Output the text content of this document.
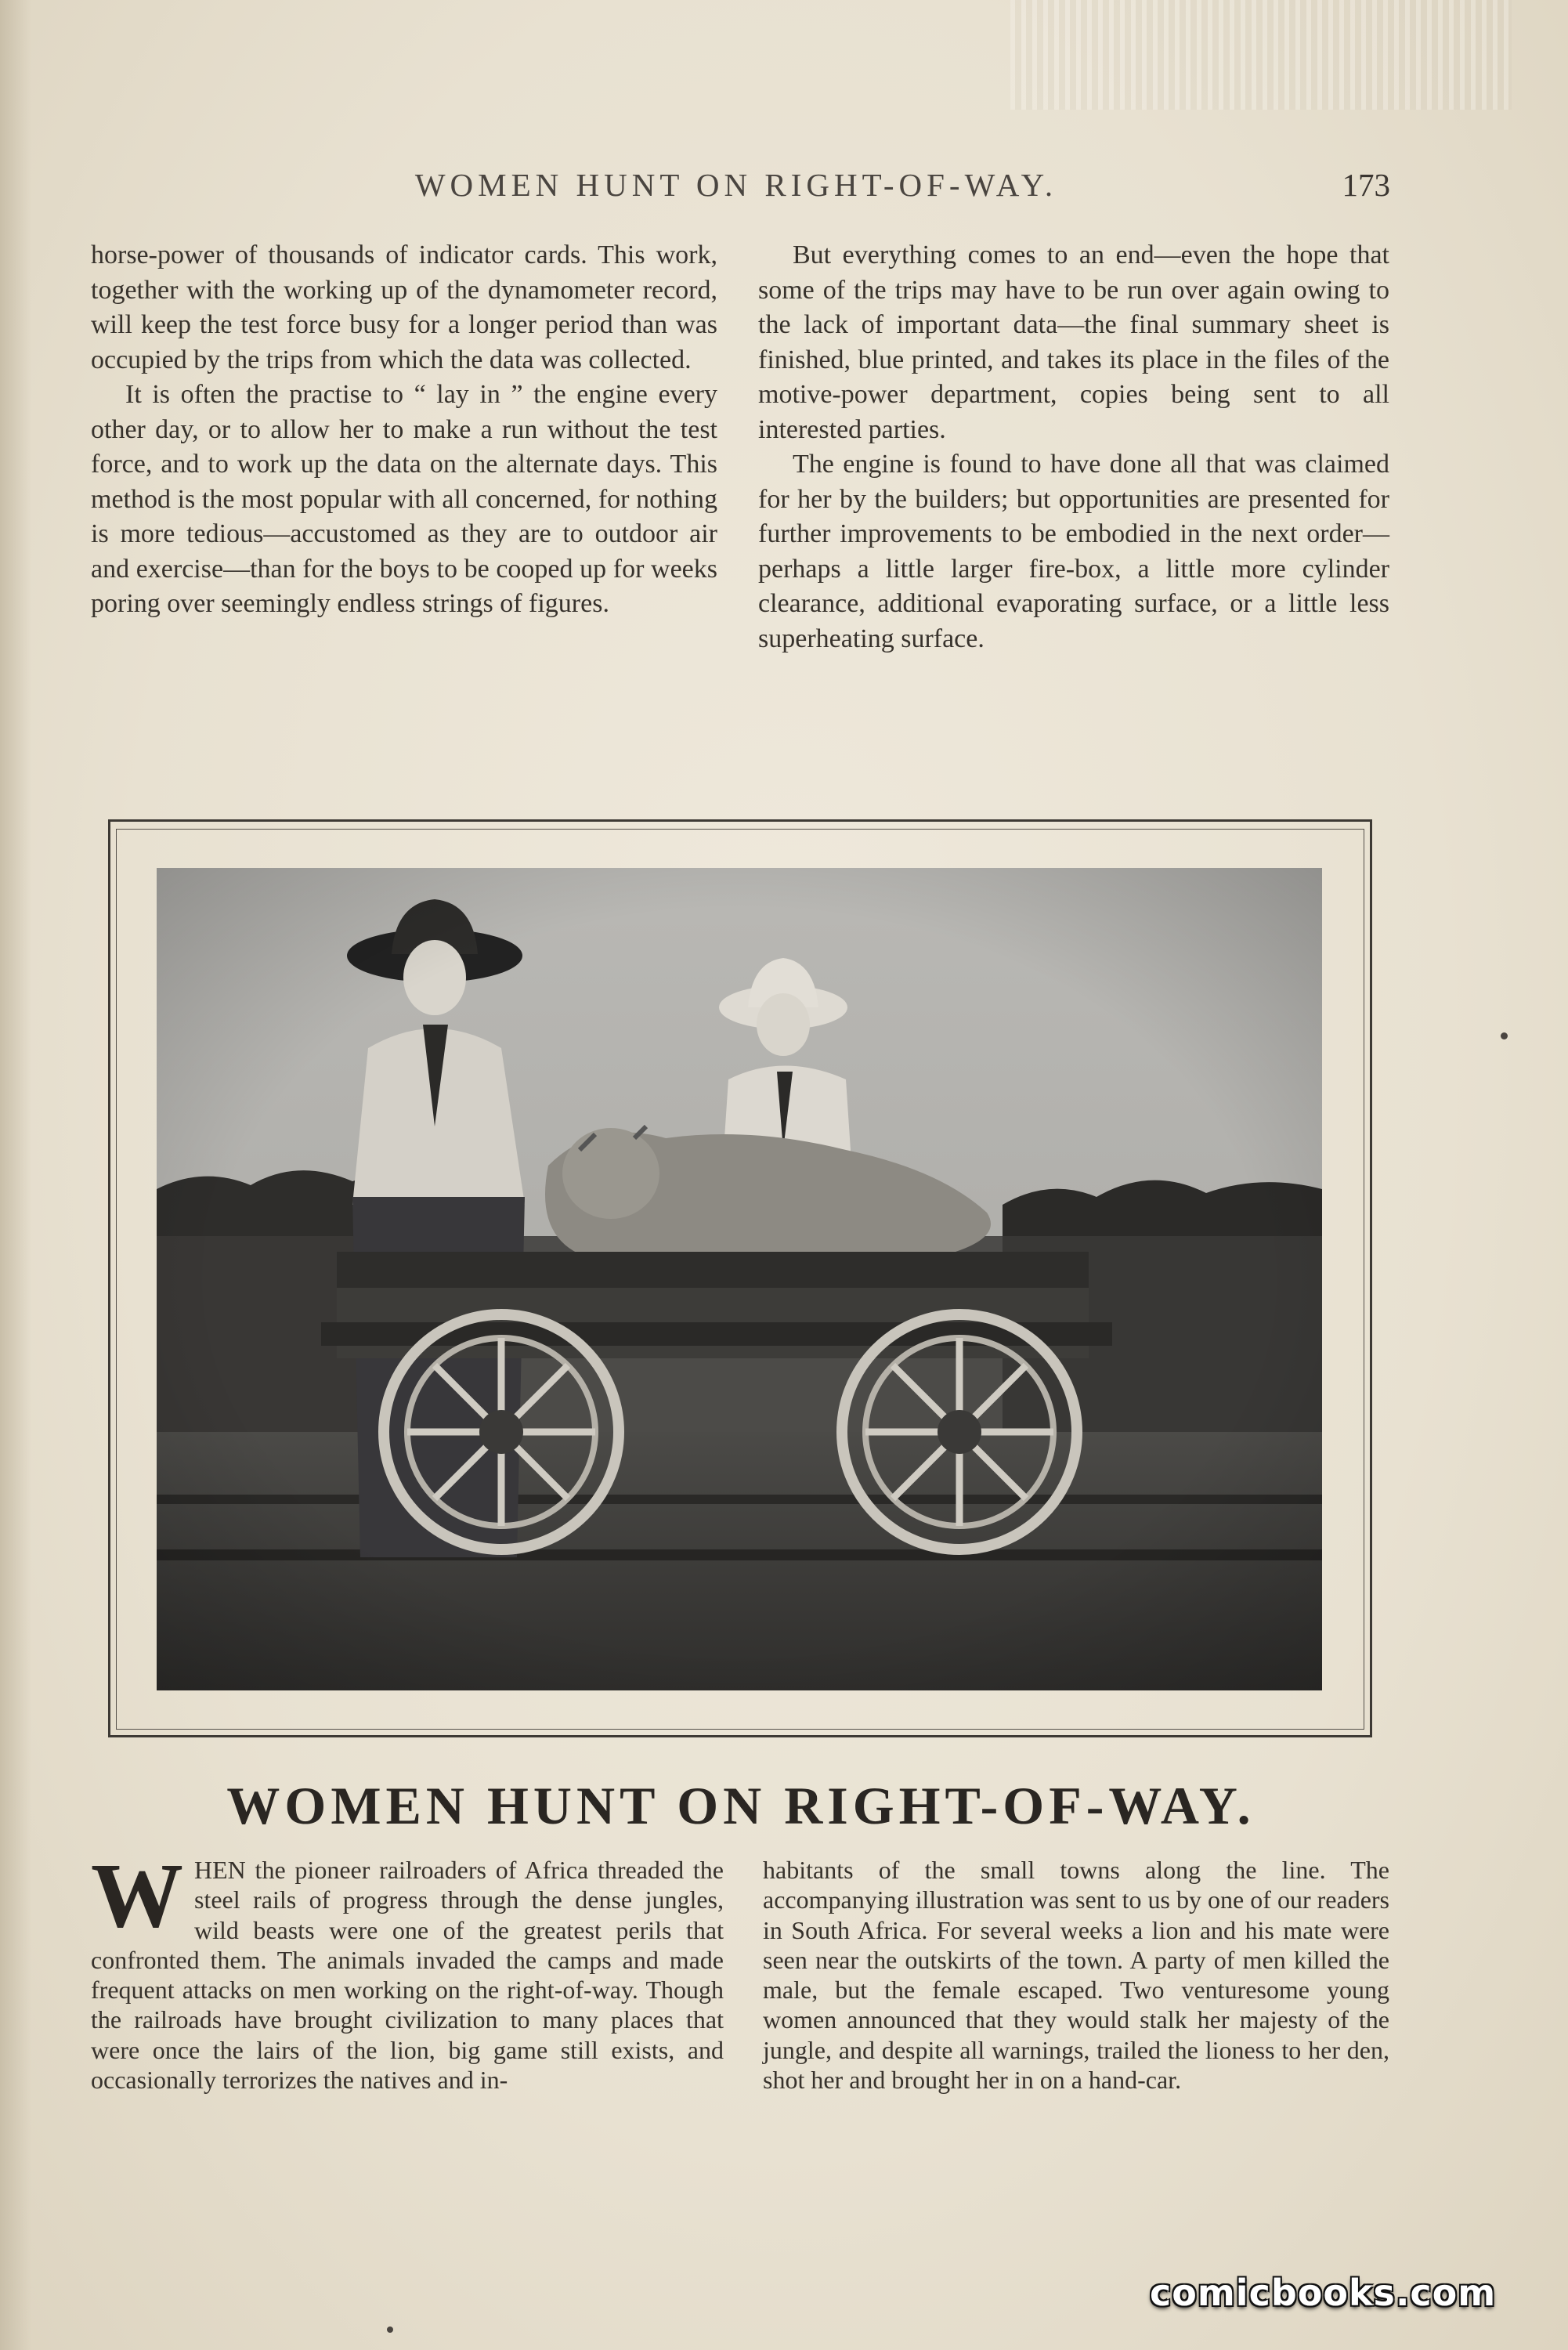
WOMEN HUNT ON RIGHT-OF-WAY.	173

horse-power of thousands of indicator cards. This work, together with the working up of the dynamometer record, will keep the test force busy for a longer period than was occupied by the trips from which the data was collected.

It is often the practise to “ lay in ” the engine every other day, or to allow her to make a run without the test force, and to work up the data on the alternate days. This method is the most popular with all concerned, for nothing is more tedious—accustomed as they are to outdoor air and exercise—than for the boys to be cooped up for weeks poring over seemingly endless strings of figures.

But everything comes to an end—even the hope that some of the trips may have to be run over again owing to the lack of important data—the final summary sheet is finished, blue printed, and takes its place in the files of the motive-power department, copies being sent to all interested parties.

The engine is found to have done all that was claimed for her by the builders; but opportunities are presented for further improvements to be embodied in the next order—perhaps a little larger fire-box, a little more cylinder clearance, additional evaporating surface, or a little less superheating surface.

WOMEN HUNT ON RIGHT-OF-WAY.
W HEN the pioneer railroaders of Africa threaded the steel rails of progress through the dense jungles, wild beasts were one of the greatest perils that confronted them. The animals invaded the camps and made frequent attacks on men working on the right-of-way. Though the railroads have brought civilization to many places that were once the lairs of the lion, big game still exists, and occasionally terrorizes the natives and in-
habitants of the small towns along the line. The accompanying illustration was sent to us by one of our readers in South Africa. For several weeks a lion and his mate were seen near the outskirts of the town. A party of men killed the male, but the female escaped. Two venturesome young women announced that they would stalk her majesty of the jungle, and despite all warnings, trailed the lioness to her den, shot her and brought her in on a hand-car.
comicbooks.com
